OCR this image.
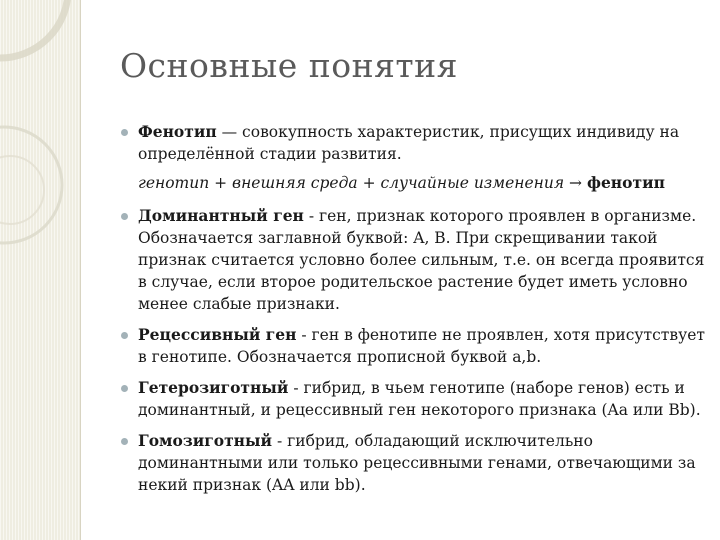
Основные понятия
Фенотип — совокупность характеристик, присущих индивиду на определённой стадии развития.
генотип + внешняя среда + случайные изменения → фенотип
Доминантный ген - ген, признак которого проявлен в организме. Обозначается заглавной буквой: A, B. При скрещивании такой признак считается условно более сильным, т.е. он всегда проявится в случае, если второе родительское растение будет иметь условно менее слабые признаки.
Рецессивный ген - ген в фенотипе не проявлен, хотя присутствует в генотипе. Обозначается прописной буквой a,b.
Гетерозиготный - гибрид, в чьем генотипе (наборе генов) есть и доминантный, и рецессивный ген некоторого признака (Aa или Bb).
Гомозиготный - гибрид, обладающий исключительно доминантными или только рецессивными генами, отвечающими за некий признак (AA или bb).
